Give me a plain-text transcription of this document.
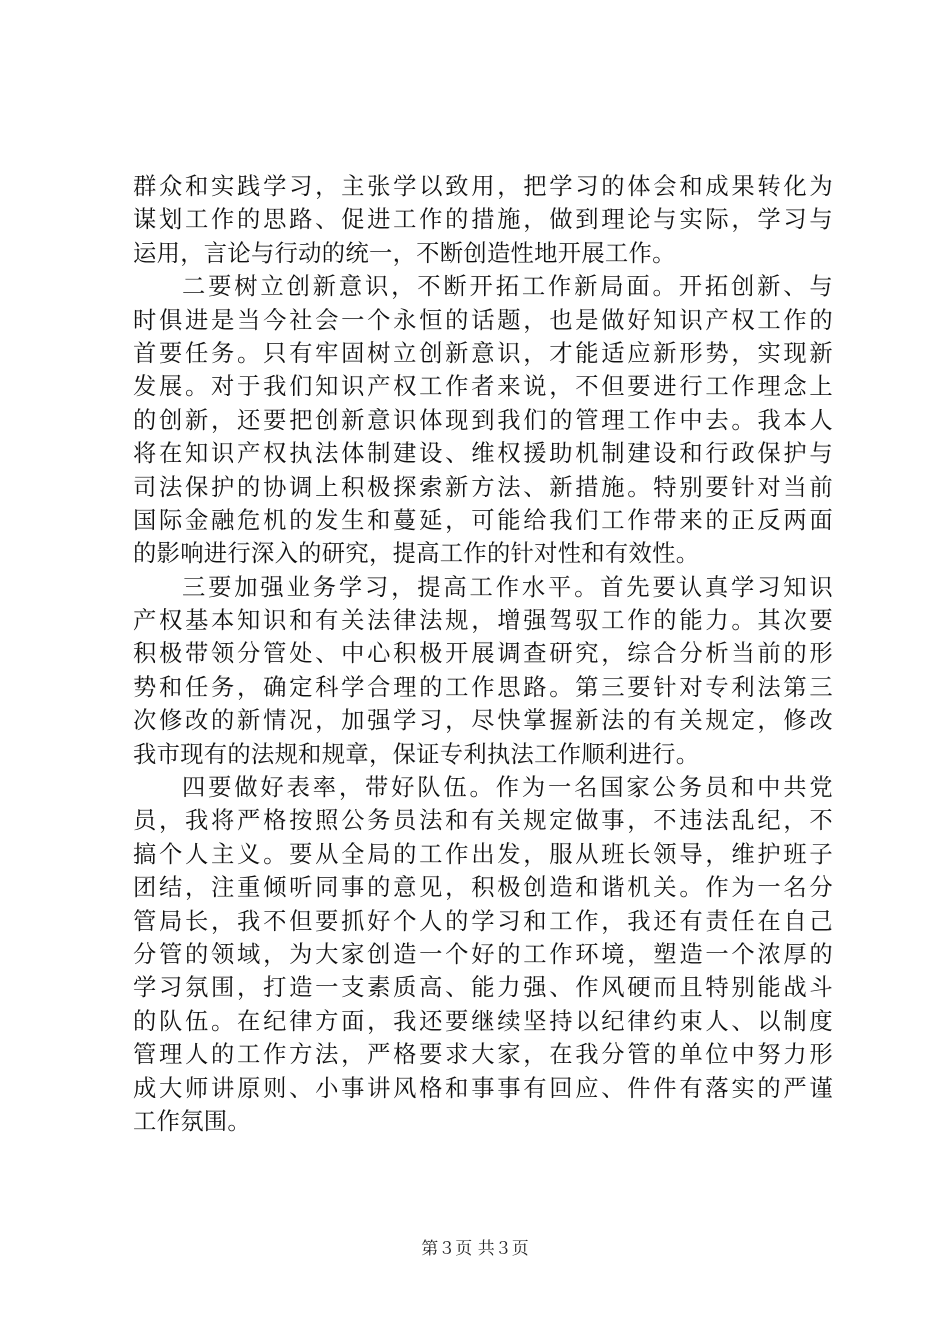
群众和实践学习，主张学以致用，把学习的体会和成果转化为
谋划工作的思路、促进工作的措施，做到理论与实际，学习与
运用，言论与行动的统一，不断创造性地开展工作。
二要树立创新意识，不断开拓工作新局面。开拓创新、与
时俱进是当今社会一个永恒的话题，也是做好知识产权工作的
首要任务。只有牢固树立创新意识，才能适应新形势，实现新
发展。对于我们知识产权工作者来说，不但要进行工作理念上
的创新，还要把创新意识体现到我们的管理工作中去。我本人
将在知识产权执法体制建设、维权援助机制建设和行政保护与
司法保护的协调上积极探索新方法、新措施。特别要针对当前
国际金融危机的发生和蔓延，可能给我们工作带来的正反两面
的影响进行深入的研究，提高工作的针对性和有效性。
三要加强业务学习，提高工作水平。首先要认真学习知识
产权基本知识和有关法律法规，增强驾驭工作的能力。其次要
积极带领分管处、中心积极开展调查研究，综合分析当前的形
势和任务，确定科学合理的工作思路。第三要针对专利法第三
次修改的新情况，加强学习，尽快掌握新法的有关规定，修改
我市现有的法规和规章，保证专利执法工作顺利进行。
四要做好表率，带好队伍。作为一名国家公务员和中共党
员，我将严格按照公务员法和有关规定做事，不违法乱纪，不
搞个人主义。要从全局的工作出发，服从班长领导，维护班子
团结，注重倾听同事的意见，积极创造和谐机关。作为一名分
管局长，我不但要抓好个人的学习和工作，我还有责任在自己
分管的领域，为大家创造一个好的工作环境，塑造一个浓厚的
学习氛围，打造一支素质高、能力强、作风硬而且特别能战斗
的队伍。在纪律方面，我还要继续坚持以纪律约束人、以制度
管理人的工作方法，严格要求大家，在我分管的单位中努力形
成大师讲原则、小事讲风格和事事有回应、件件有落实的严谨
工作氛围。
第３页 共３页
